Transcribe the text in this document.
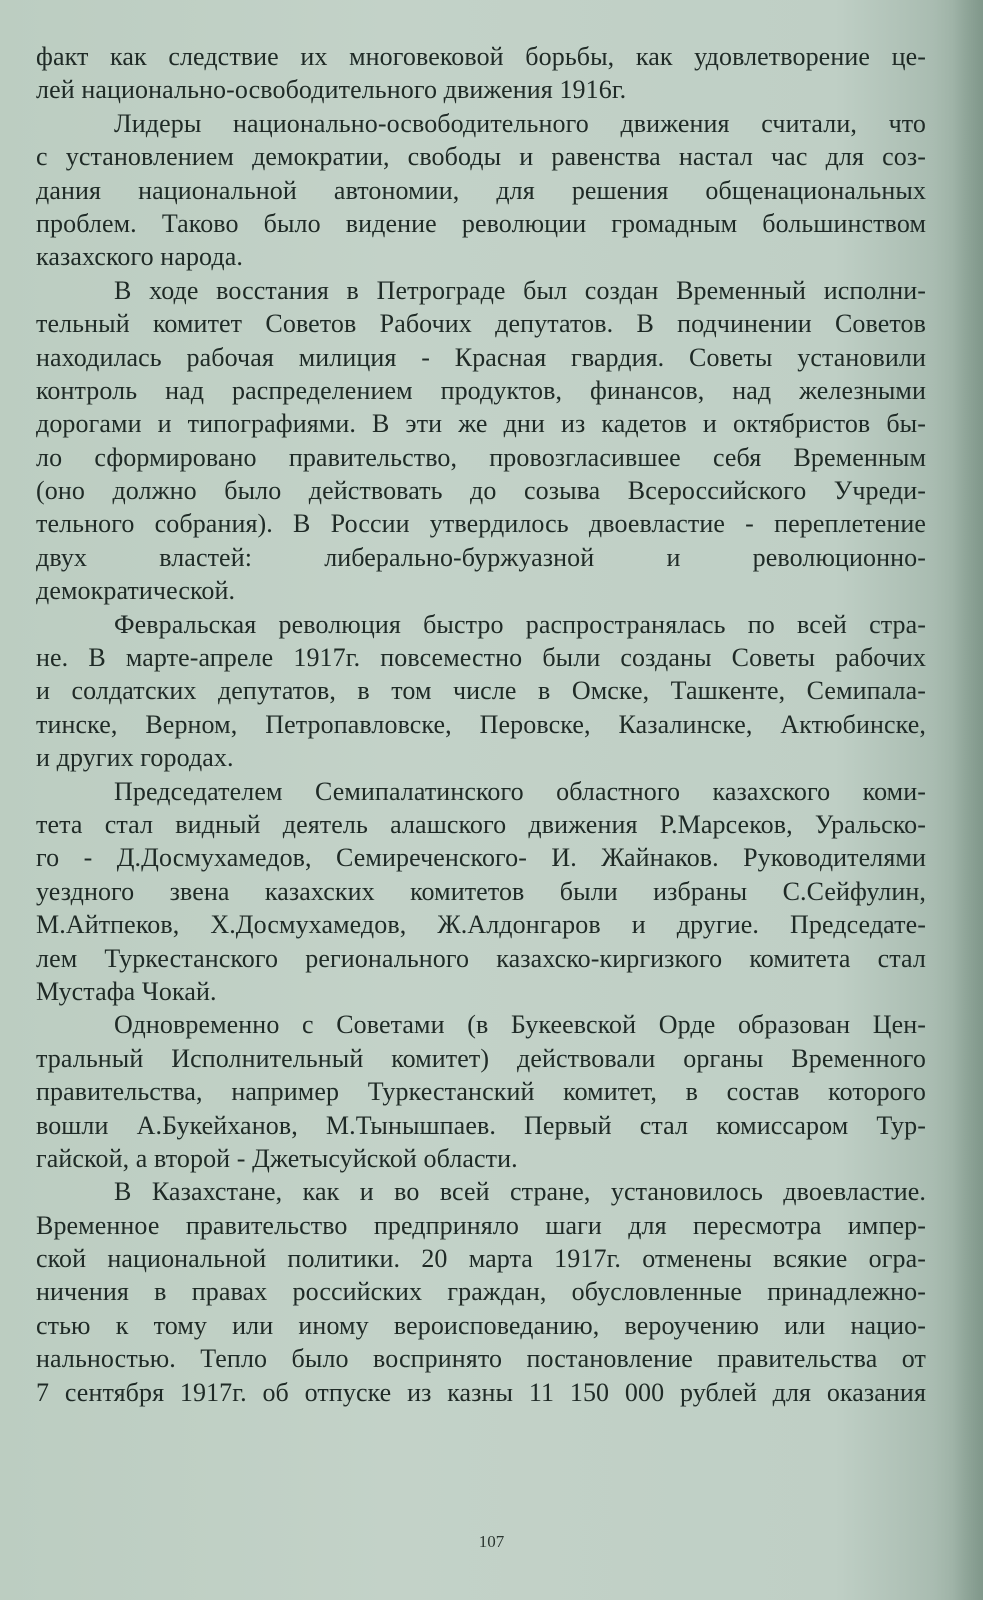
факт как следствие их многовековой борьбы, как удовлетворение це-
лей национально-освободительного движения 1916г.
Лидеры национально-освободительного движения считали, что
с установлением демократии, свободы и равенства настал час для соз-
дания национальной автономии, для решения общенациональных
проблем. Таково было видение революции громадным большинством
казахского народа.
В ходе восстания в Петрограде был создан Временный исполни-
тельный комитет Советов Рабочих депутатов. В подчинении Советов
находилась рабочая милиция - Красная гвардия. Советы установили
контроль над распределением продуктов, финансов, над железными
дорогами и типографиями. В эти же дни из кадетов и октябристов бы-
ло сформировано правительство, провозгласившее себя Временным
(оно должно было действовать до созыва Всероссийского Учреди-
тельного собрания). В России утвердилось двоевластие - переплетение
двух властей: либерально-буржуазной и революционно-
демократической.
Февральская революция быстро распространялась по всей стра-
не. В марте-апреле 1917г. повсеместно были созданы Советы рабочих
и солдатских депутатов, в том числе в Омске, Ташкенте, Семипала-
тинске, Верном, Петропавловске, Перовске, Казалинске, Актюбинске,
и других городах.
Председателем Семипалатинского областного казахского коми-
тета стал видный деятель алашского движения Р.Марсеков, Уральско-
го - Д.Досмухамедов, Семиреченского- И. Жайнаков. Руководителями
уездного звена казахских комитетов были избраны С.Сейфулин,
М.Айтпеков, Х.Досмухамедов, Ж.Алдонгаров и другие. Председате-
лем Туркестанского регионального казахско-киргизкого комитета стал
Мустафа Чокай.
Одновременно с Советами (в Букеевской Орде образован Цен-
тральный Исполнительный комитет) действовали органы Временного
правительства, например Туркестанский комитет, в состав которого
вошли А.Букейханов, М.Тынышпаев. Первый стал комиссаром Тур-
гайской, а второй - Джетысуйской области.
В Казахстане, как и во всей стране, установилось двоевластие.
Временное правительство предприняло шаги для пересмотра импер-
ской национальной политики. 20 марта 1917г. отменены всякие огра-
ничения в правах российских граждан, обусловленные принадлежно-
стью к тому или иному вероисповеданию, вероучению или нацио-
нальностью. Тепло было воспринято постановление правительства от
7 сентября 1917г. об отпуске из казны 11 150 000 рублей для оказания
107
